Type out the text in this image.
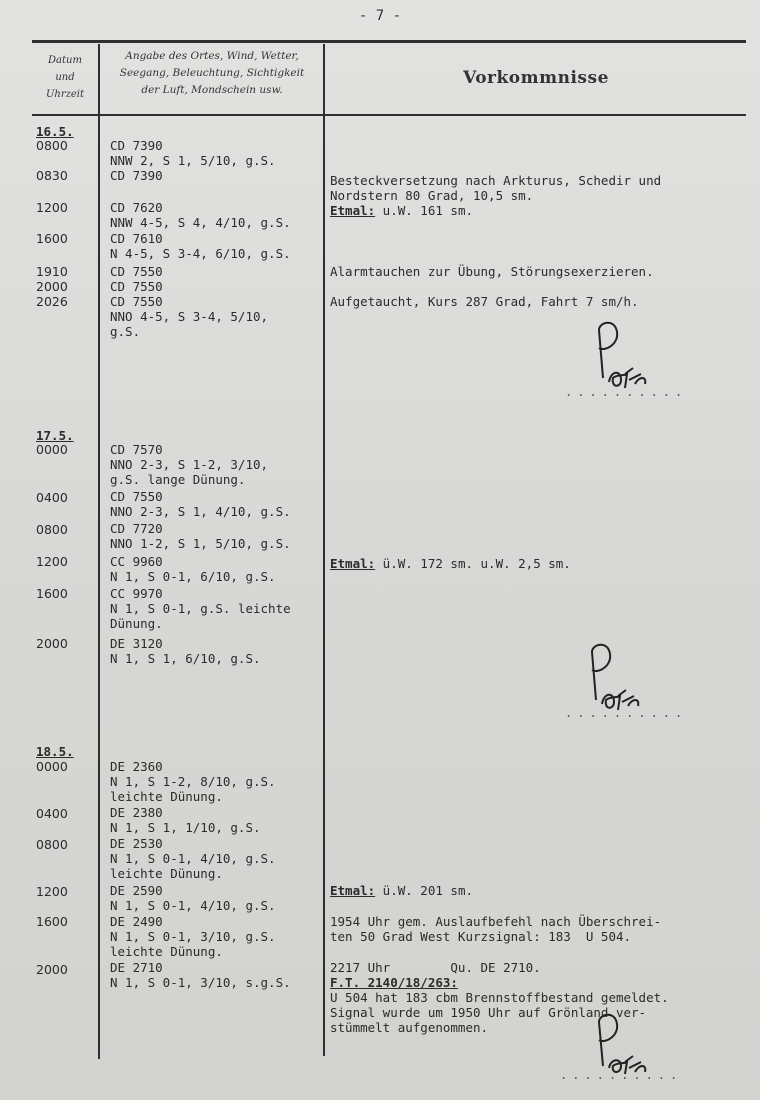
- 7 -
Datum
und
Uhrzeit
Angabe des Ortes, Wind, Wetter,
Seegang, Beleuchtung, Sichtigkeit
der Luft, Mondschein usw.
Vorkommnisse
16.5.
0800	CD 7390
NNW 2, S 1, 5/10, g.S.
0830	CD 7390	Besteckversetzung nach Arkturus, Schedir und
Nordstern 80 Grad, 10,5 sm.
Etmal: u.W. 161 sm.
1200	CD 7620
NNW 4-5, S 4, 4/10, g.S.
1600	CD 7610
N 4-5, S 3-4, 6/10, g.S.
1910	CD 7550	Alarmtauchen zur Übung, Störungsexerzieren.
2000	CD 7550
2026	CD 7550
NNO 4-5, S 3-4, 5/10,
g.S.
Aufgetaucht, Kurs 287 Grad, Fahrt 7 sm/h.
..........
17.5.
0000	CD 7570
NNO 2-3, S 1-2, 3/10,
g.S. lange Dünung.
0400	CD 7550
NNO 2-3, S 1, 4/10, g.S.
0800	CD 7720
NNO 1-2, S 1, 5/10, g.S.
1200	CC 9960
N 1, S 0-1, 6/10, g.S.
Etmal: ü.W. 172 sm. u.W. 2,5 sm.
1600	CC 9970
N 1, S 0-1, g.S. leichte
Dünung.
2000	DE 3120
N 1, S 1, 6/10, g.S.
..........
18.5.
0000	DE 2360
N 1, S 1-2, 8/10, g.S.
leichte Dünung.
0400	DE 2380
N 1, S 1, 1/10, g.S.
0800	DE 2530
N 1, S 0-1, 4/10, g.S.
leichte Dünung.
1200	DE 2590
N 1, S 0-1, 4/10, g.S.
Etmal: ü.W. 201 sm.
1600	DE 2490
N 1, S 0-1, 3/10, g.S.
leichte Dünung.
1954 Uhr gem. Auslaufbefehl nach Überschrei-
ten 50 Grad West Kurzsignal: 183  U 504.
2000	DE 2710
N 1, S 0-1, 3/10, s.g.S.
2217 Uhr        Qu. DE 2710.
F.T. 2140/18/263:
U 504 hat 183 cbm Brennstoffbestand gemeldet.
Signal wurde um 1950 Uhr auf Grönland ver-
stümmelt aufgenommen.
..........
